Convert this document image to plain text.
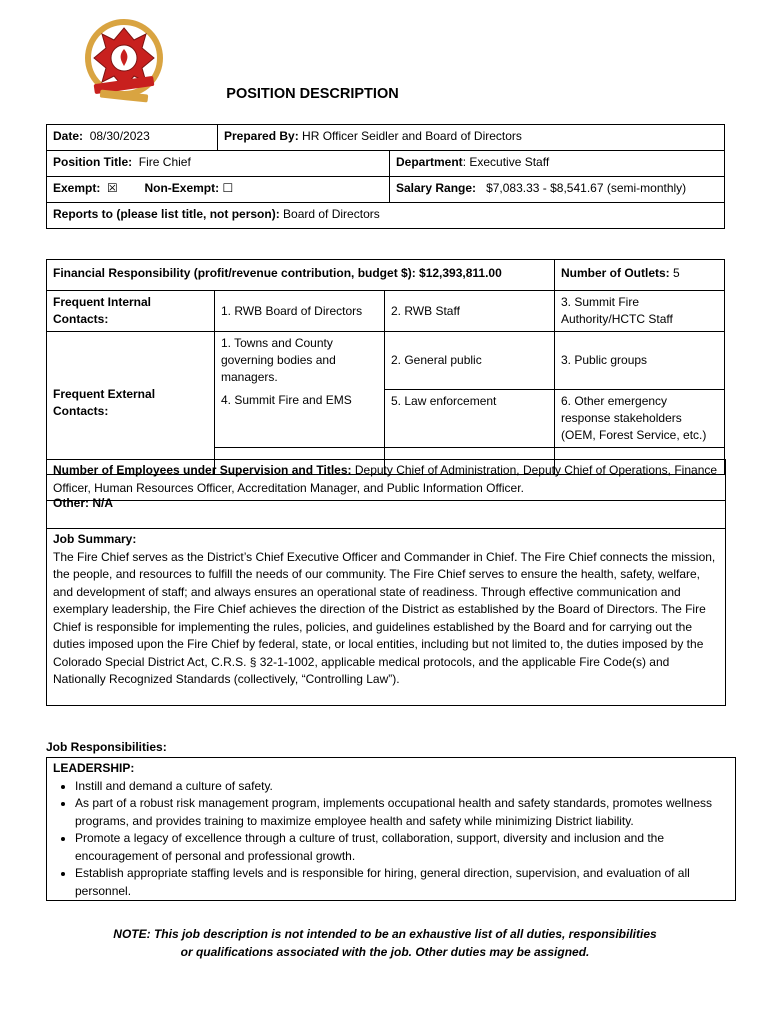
POSITION DESCRIPTION
Date: 08/30/2023	Prepared By: HR Officer Seidler and Board of Directors	
Position Title: Fire Chief		Department: Executive Staff
Exempt: ☒ Non-Exempt: ☐		Salary Range: $7,083.33 - $8,541.67 (semi-monthly)
Reports to (please list title, not person): Board of Directors		
Financial Responsibility (profit/revenue contribution, budget $): $12,393,811.00			Number of Outlets: 5
Frequent Internal Contacts:	1. RWB Board of Directors	2. RWB Staff	3. Summit Fire Authority/HCTC Staff
Frequent External Contacts:	1. Towns and County governing bodies and managers.	2. General public	3. Public groups
	4. Summit Fire and EMS	5. Law enforcement	6. Other emergency response stakeholders (OEM, Forest Service, etc.)

Number of Employees under Supervision and Titles: Deputy Chief of Administration, Deputy Chief of Operations, Finance Officer, Human Resources Officer, Accreditation Manager, and Public Information Officer.
Other: N/A
Job Summary:
The Fire Chief serves as the District’s Chief Executive Officer and Commander in Chief. The Fire Chief connects the mission, the people, and resources to fulfill the needs of our community. The Fire Chief serves to ensure the health, safety, welfare, and development of staff; and always ensures an operational state of readiness. Through effective communication and exemplary leadership, the Fire Chief achieves the direction of the District as established by the Board of Directors. The Fire Chief is responsible for implementing the rules, policies, and guidelines established by the Board and for carrying out the duties imposed upon the Fire Chief by federal, state, or local entities, including but not limited to, the duties imposed by the Colorado Special District Act, C.R.S. § 32-1-1002, applicable medical protocols, and the applicable Fire Code(s) and Nationally Recognized Standards (collectively, “Controlling Law”).
Job Responsibilities:
LEADERSHIP:
• Instill and demand a culture of safety.
• As part of a robust risk management program, implements occupational health and safety standards, promotes wellness programs, and provides training to maximize employee health and safety while minimizing District liability.
• Promote a legacy of excellence through a culture of trust, collaboration, support, diversity and inclusion and the encouragement of personal and professional growth.
• Establish appropriate staffing levels and is responsible for hiring, general direction, supervision, and evaluation of all personnel.
NOTE: This job description is not intended to be an exhaustive list of all duties, responsibilities
or qualifications associated with the job. Other duties may be assigned.
